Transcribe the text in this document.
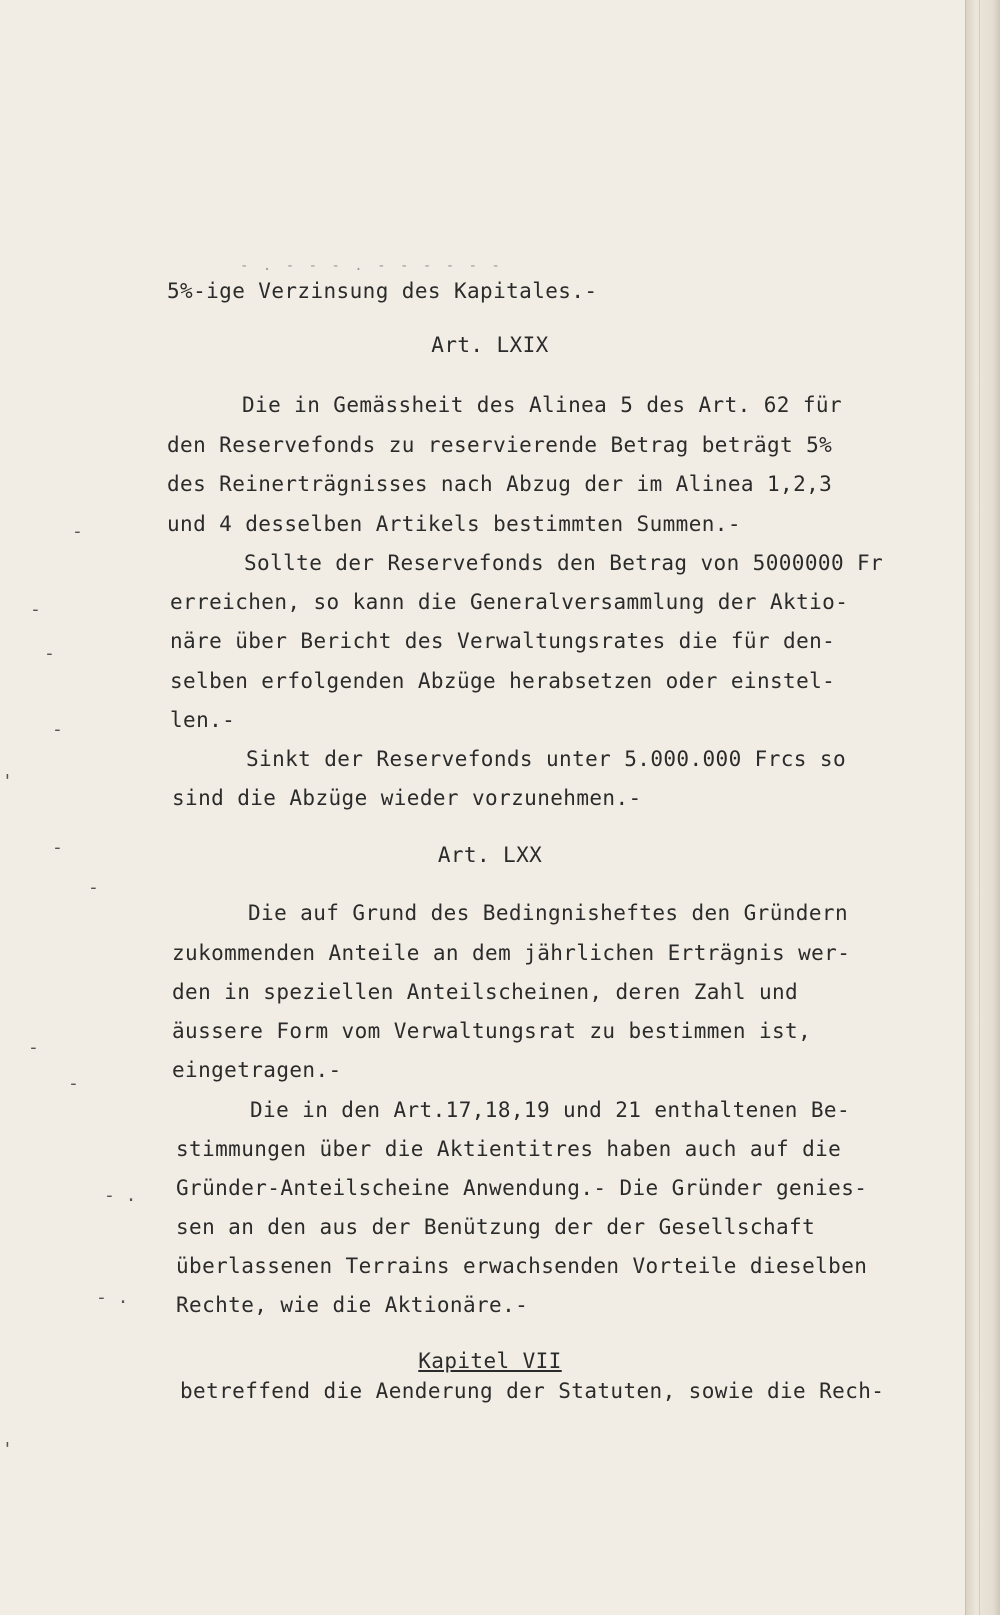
- . - - - . - - - - - -
-
-
-
-
-
-
-
-
- .
- .
'
'
5%-ige Verzinsung des Kapitales.-
Art. LXIX
Die in Gemässheit des Alinea 5 des Art. 62 für
den Reservefonds zu reservierende Betrag beträgt 5%
des Reinerträgnisses nach Abzug der im Alinea 1,2,3
und 4 desselben Artikels bestimmten Summen.-
Sollte der Reservefonds den Betrag von 5000000 Fr
erreichen, so kann die Generalversammlung der Aktio-
näre über Bericht des Verwaltungsrates die für den-
selben erfolgenden Abzüge herabsetzen oder einstel-
len.-
Sinkt der Reservefonds unter 5.000.000 Frcs so
sind die Abzüge wieder vorzunehmen.-
Art. LXX
Die auf Grund des Bedingnisheftes den Gründern
zukommenden Anteile an dem jährlichen Erträgnis wer-
den in speziellen Anteilscheinen, deren Zahl und
äussere Form vom Verwaltungsrat zu bestimmen ist,
eingetragen.-
Die in den Art.17,18,19 und 21 enthaltenen Be-
stimmungen über die Aktientitres haben auch auf die
Gründer-Anteilscheine Anwendung.- Die Gründer genies-
sen an den aus der Benützung der der Gesellschaft
überlassenen Terrains erwachsenden Vorteile dieselben
Rechte, wie die Aktionäre.-
Kapitel VII
betreffend die Aenderung der Statuten, sowie die Rech-
